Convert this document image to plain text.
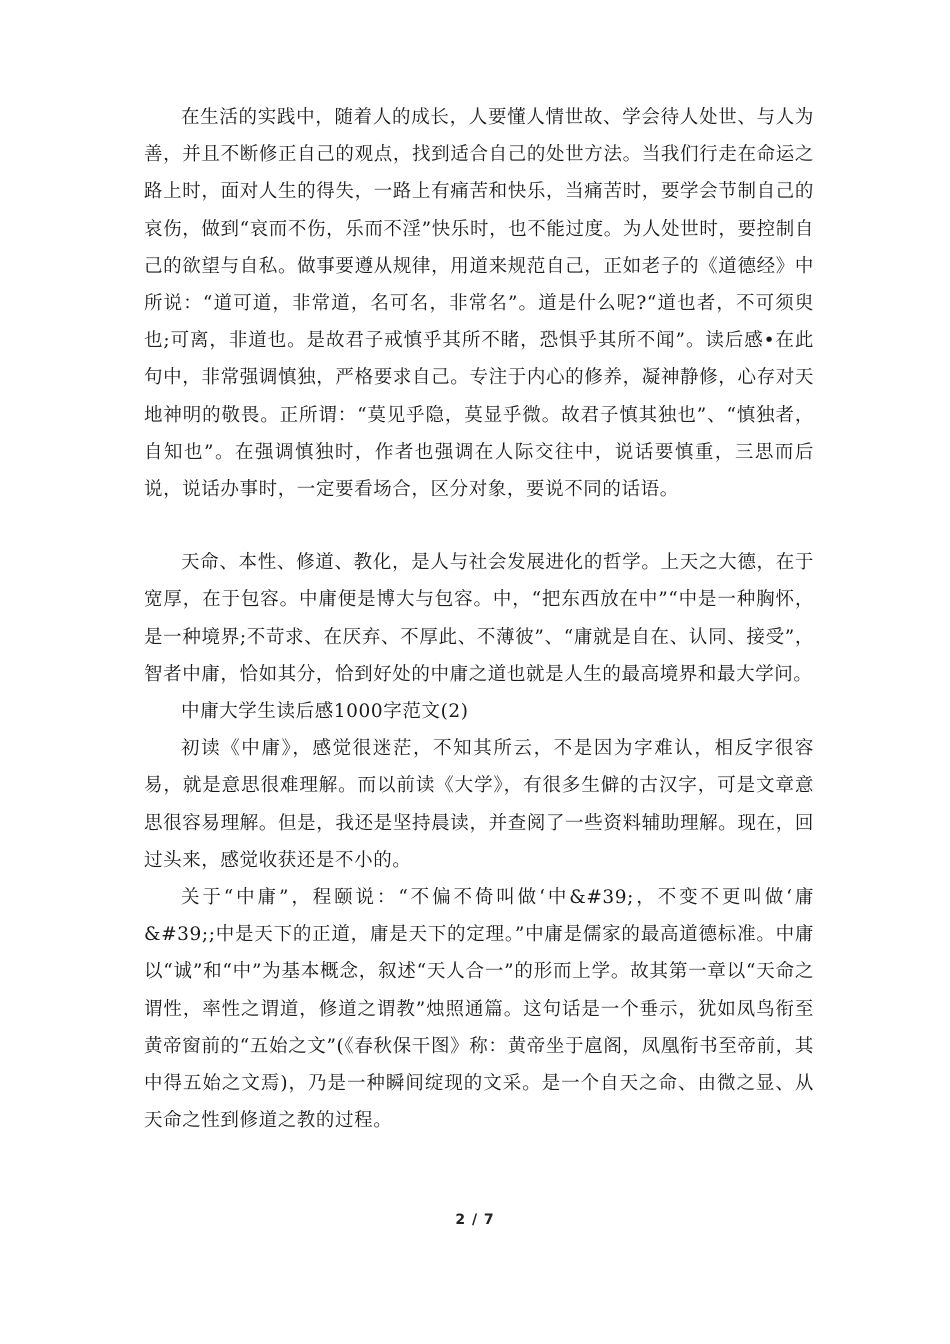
在生活的实践中，随着人的成长，人要懂人情世故、学会待人处世、与人为善，并且不断修正自己的观点，找到适合自己的处世方法。当我们行走在命运之路上时，面对人生的得失，一路上有痛苦和快乐，当痛苦时，要学会节制自己的哀伤，做到“哀而不伤，乐而不淫”快乐时，也不能过度。为人处世时，要控制自己的欲望与自私。做事要遵从规律，用道来规范自己，正如老子的《道德经》中所说：“道可道，非常道，名可名，非常名”。道是什么呢?“道也者，不可须臾也;可离，非道也。是故君子戒慎乎其所不睹，恐惧乎其所不闻”。读后感•在此句中，非常强调慎独，严格要求自己。专注于内心的修养，凝神静修，心存对天地神明的敬畏。正所谓：“莫见乎隐，莫显乎微。故君子慎其独也”、“慎独者，自知也”。在强调慎独时，作者也强调在人际交往中，说话要慎重，三思而后说，说话办事时，一定要看场合，区分对象，要说不同的话语。

天命、本性、修道、教化，是人与社会发展进化的哲学。上天之大德，在于宽厚，在于包容。中庸便是博大与包容。中，“把东西放在中”“中是一种胸怀，是一种境界;不苛求、在厌弃、不厚此、不薄彼”、“庸就是自在、认同、接受”，智者中庸，恰如其分，恰到好处的中庸之道也就是人生的最高境界和最大学问。

中庸大学生读后感1000字范文(2)

初读《中庸》，感觉很迷茫，不知其所云，不是因为字难认，相反字很容易，就是意思很难理解。而以前读《大学》，有很多生僻的古汉字，可是文章意思很容易理解。但是，我还是坚持晨读，并查阅了一些资料辅助理解。现在，回过头来，感觉收获还是不小的。

关于“中庸”，程颐说：“不偏不倚叫做‘中&#39;，不变不更叫做‘庸&#39;;中是天下的正道，庸是天下的定理。”中庸是儒家的最高道德标准。中庸以“诚”和“中”为基本概念，叙述“天人合一”的形而上学。故其第一章以“天命之谓性，率性之谓道，修道之谓教”烛照通篇。这句话是一个垂示，犹如凤鸟衔至黄帝窗前的“五始之文”(《春秋保干图》称：黄帝坐于扈阁，凤凰衔书至帝前，其中得五始之文焉)，乃是一种瞬间绽现的文采。是一个自天之命、由微之显、从天命之性到修道之教的过程。

2 / 7
